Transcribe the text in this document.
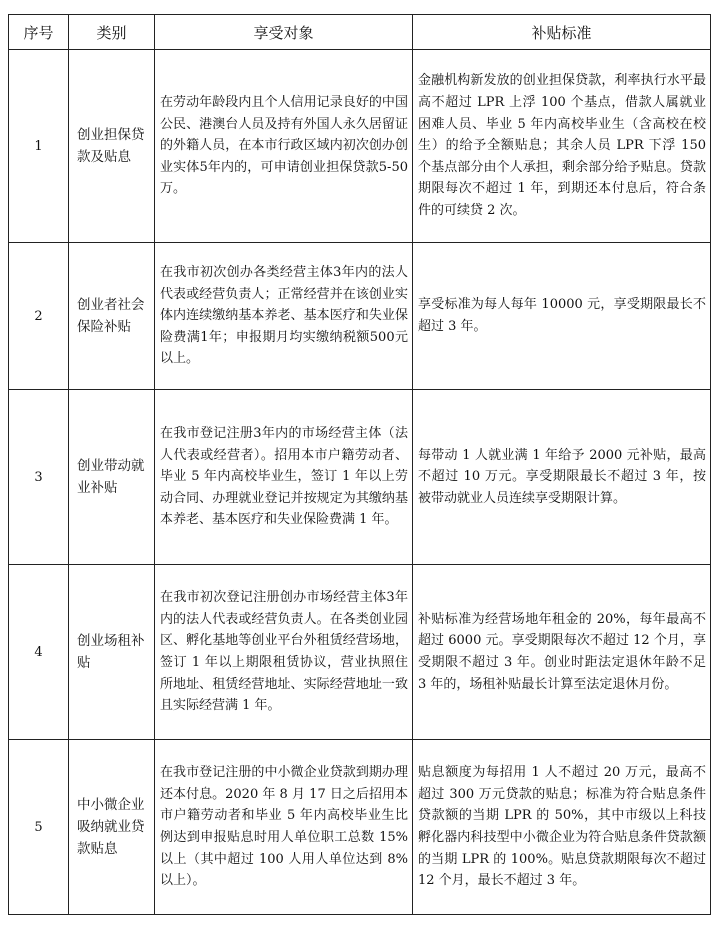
序号	类别	享受对象	补贴标准
1	创业担保贷款及贴息	在劳动年龄段内且个人信用记录良好的中国公民、港澳台人员及持有外国人永久居留证的外籍人员，在本市行政区域内初次创办创业实体5年内的，可申请创业担保贷款5-50万。	金融机构新发放的创业担保贷款，利率执行水平最高不超过 LPR 上浮 100 个基点，借款人属就业困难人员、毕业 5 年内高校毕业生（含高校在校生）的给予全额贴息；其余人员 LPR 下浮 150 个基点部分由个人承担，剩余部分给予贴息。贷款期限每次不超过 1 年，到期还本付息后，符合条件的可续贷 2 次。
2	创业者社会保险补贴	在我市初次创办各类经营主体3年内的法人代表或经营负责人；正常经营并在该创业实体内连续缴纳基本养老、基本医疗和失业保险费满1年；申报期月均实缴纳税额500元以上。	享受标准为每人每年 10000 元，享受期限最长不超过 3 年。
3	创业带动就业补贴	在我市登记注册3年内的市场经营主体（法人代表或经营者）。招用本市户籍劳动者、毕业 5 年内高校毕业生，签订 1 年以上劳动合同、办理就业登记并按规定为其缴纳基本养老、基本医疗和失业保险费满 1 年。	每带动 1 人就业满 1 年给予 2000 元补贴，最高不超过 10 万元。享受期限最长不超过 3 年，按被带动就业人员连续享受期限计算。
4	创业场租补贴	在我市初次登记注册创办市场经营主体3年内的法人代表或经营负责人。在各类创业园区、孵化基地等创业平台外租赁经营场地，签订 1 年以上期限租赁协议，营业执照住所地址、租赁经营地址、实际经营地址一致且实际经营满 1 年。	补贴标准为经营场地年租金的 20%，每年最高不超过 6000 元。享受期限每次不超过 12 个月，享受期限不超过 3 年。创业时距法定退休年龄不足 3 年的，场租补贴最长计算至法定退休月份。
5	中小微企业吸纳就业贷款贴息	在我市登记注册的中小微企业贷款到期办理还本付息。2020 年 8 月 17 日之后招用本市户籍劳动者和毕业 5 年内高校毕业生比例达到申报贴息时用人单位职工总数 15%以上（其中超过 100 人用人单位达到 8%以上）。	贴息额度为每招用 1 人不超过 20 万元，最高不超过 300 万元贷款的贴息；标准为符合贴息条件贷款额的当期 LPR 的 50%，其中市级以上科技孵化器内科技型中小微企业为符合贴息条件贷款额的当期 LPR 的 100%。贴息贷款期限每次不超过 12 个月，最长不超过 3 年。
